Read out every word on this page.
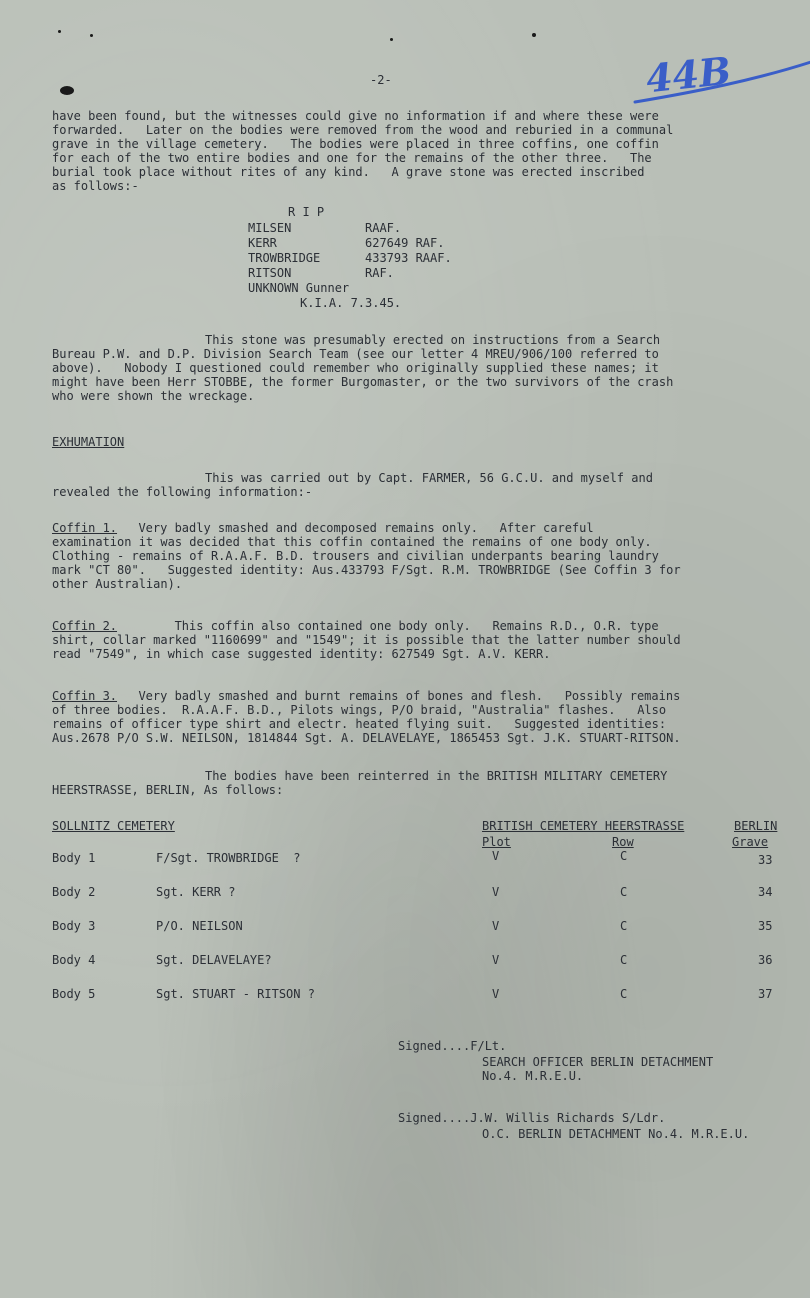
-2-	44B
have been found, but the witnesses could give no information if and where these were
forwarded.   Later on the bodies were removed from the wood and reburied in a communal
grave in the village cemetery.   The bodies were placed in three coffins, one coffin
for each of the two entire bodies and one for the remains of the other three.   The
burial took place without rites of any kind.   A grave stone was erected inscribed
as follows:-
R I P
MILSEN	RAAF.
KERR	627649 RAF.
TROWBRIDGE	433793 RAAF.
RITSON	RAF.
UNKNOWN Gunner
K.I.A. 7.3.45.
This stone was presumably erected on instructions from a Search
Bureau P.W. and D.P. Division Search Team (see our letter 4 MREU/906/100 referred to
above).   Nobody I questioned could remember who originally supplied these names; it
might have been Herr STOBBE, the former Burgomaster, or the two survivors of the crash
who were shown the wreckage.
EXHUMATION
This was carried out by Capt. FARMER, 56 G.C.U. and myself and
revealed the following information:-
Coffin 1. Very badly smashed and decomposed remains only.   After careful
examination it was decided that this coffin contained the remains of one body only.
Clothing - remains of R.A.A.F. B.D. trousers and civilian underpants bearing laundry
mark "CT 80".   Suggested identity: Aus.433793 F/Sgt. R.M. TROWBRIDGE (See Coffin 3 for
other Australian).
Coffin 2. This coffin also contained one body only.   Remains R.D., O.R. type
shirt, collar marked "1160699" and "1549"; it is possible that the latter number should
read "7549", in which case suggested identity: 627549 Sgt. A.V. KERR.
Coffin 3. Very badly smashed and burnt remains of bones and flesh.   Possibly remains
of three bodies.  R.A.A.F. B.D., Pilots wings, P/O braid, "Australia" flashes.   Also
remains of officer type shirt and electr. heated flying suit.   Suggested identities:
Aus.2678 P/O S.W. NEILSON, 1814844 Sgt. A. DELAVELAYE, 1865453 Sgt. J.K. STUART-RITSON.
The bodies have been reinterred in the BRITISH MILITARY CEMETERY
HEERSTRASSE, BERLIN, As follows:
SOLLNITZ CEMETERY	BRITISH CEMETERY HEERSTRASSE	BERLIN
Plot	Row	Grave
Body 1	F/Sgt. TROWBRIDGE  ?	V	C	33
Body 2	Sgt. KERR ?	V	C	34
Body 3	P/O. NEILSON	V	C	35
Body 4	Sgt. DELAVELAYE?	V	C	36
Body 5	Sgt. STUART - RITSON ?	V	C	37
Signed....F/Lt.
SEARCH OFFICER BERLIN DETACHMENT
No.4. M.R.E.U.
Signed....J.W. Willis Richards S/Ldr.
O.C. BERLIN DETACHMENT No.4. M.R.E.U.
